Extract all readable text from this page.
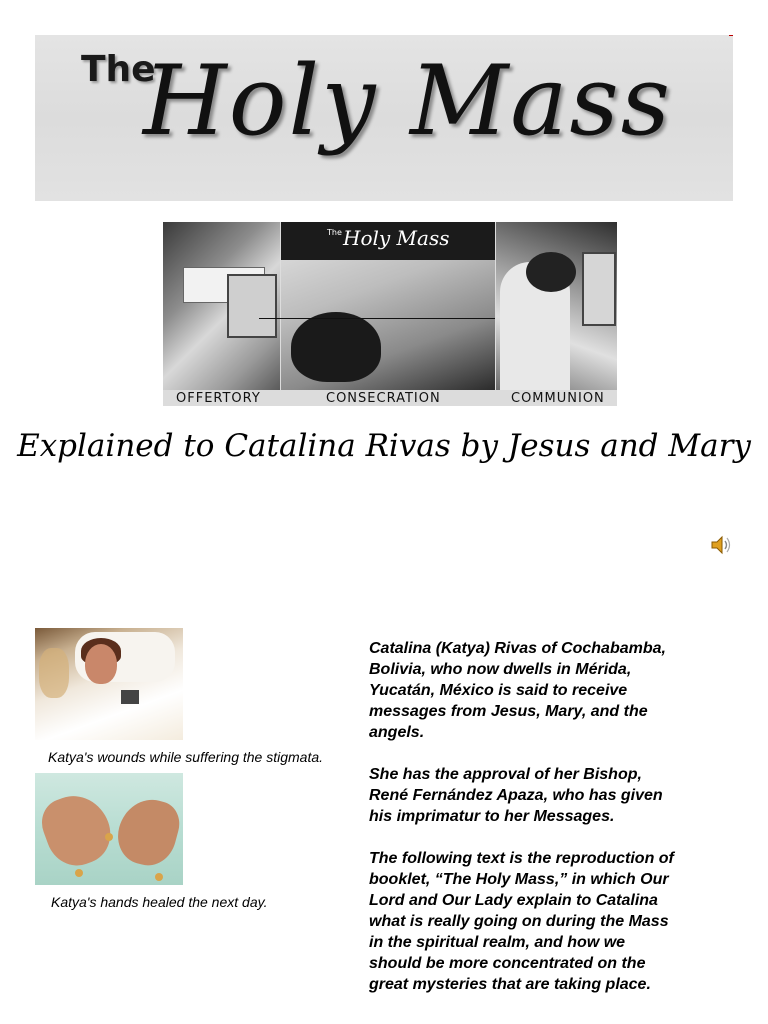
The
Holy Mass
The Holy Mass
OFFERTORY	CONSECRATION	COMMUNION
Explained to Catalina Rivas by Jesus and Mary
Katya's wounds while suffering the stigmata.
Katya's hands healed the next day.

Catalina (Katya) Rivas of Cochabamba,
Bolivia, who now dwells in Mérida,
Yucatán, México is said to receive
messages from Jesus, Mary, and the
angels.

She has the approval of her Bishop,
René Fernández Apaza, who has given
his imprimatur to her Messages.

The following text is the reproduction of
booklet, “The Holy Mass,” in which Our
Lord and Our Lady explain to Catalina
what is really going on during the Mass
in the spiritual realm, and how we
should be more concentrated on the
great mysteries that are taking place.
